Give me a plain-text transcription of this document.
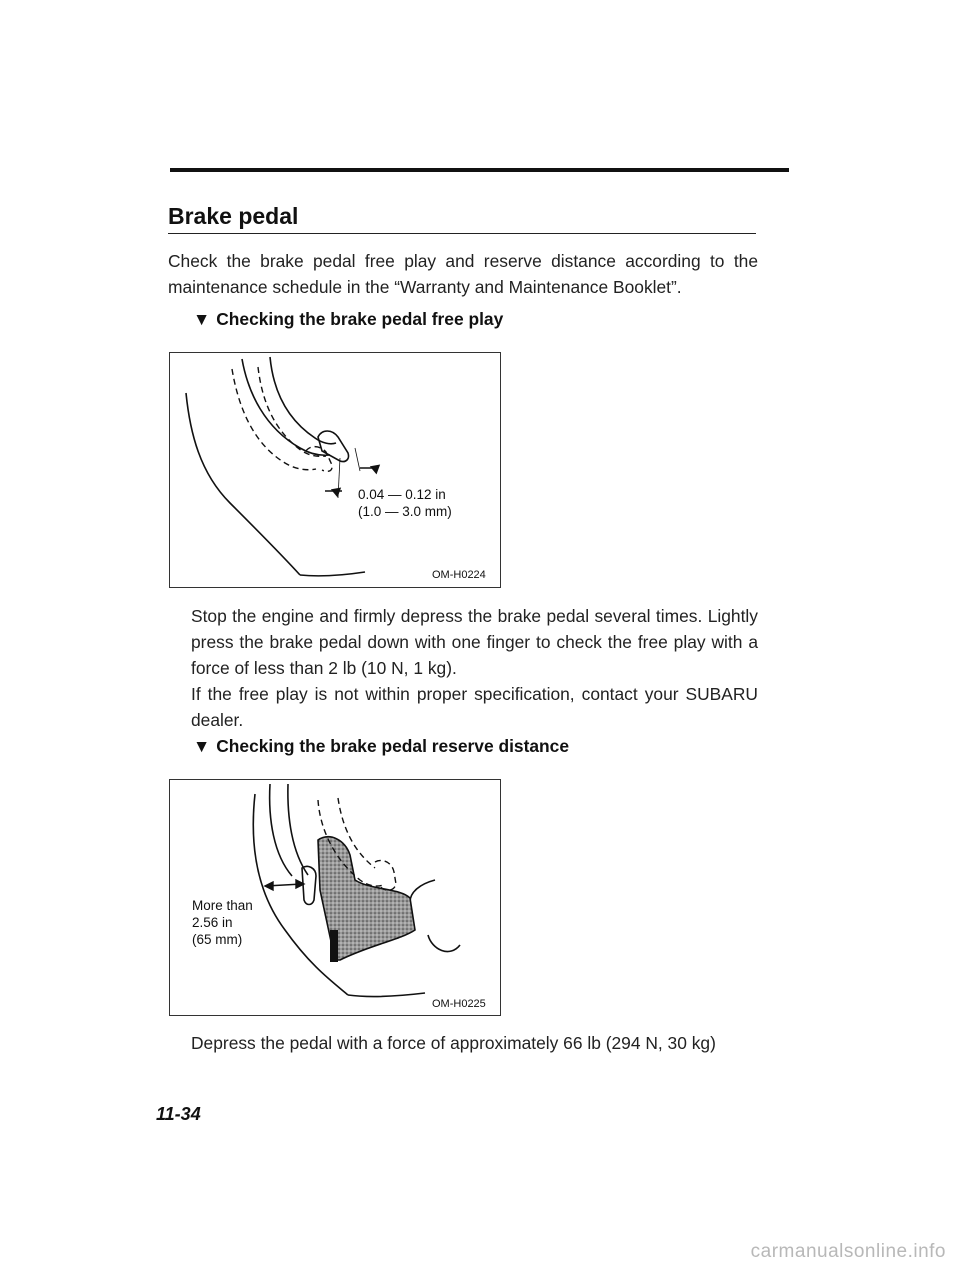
Brake pedal
Check the brake pedal free play and reserve distance according to the maintenance schedule in the “Warranty and Maintenance Booklet”.
▼ Checking the brake pedal free play
0.04 — 0.12 in
(1.0 — 3.0 mm)
OM-H0224
Stop the engine and firmly depress the brake pedal several times. Lightly press the brake pedal down with one finger to check the free play with a force of less than 2 lb (10 N, 1 kg).
If the free play is not within proper specification, contact your SUBARU dealer.
▼ Checking the brake pedal reserve distance
More than
2.56 in
(65 mm)
OM-H0225
Depress the pedal with a force of approximately 66 lb (294 N, 30 kg)
11-34
carmanualsonline.info
